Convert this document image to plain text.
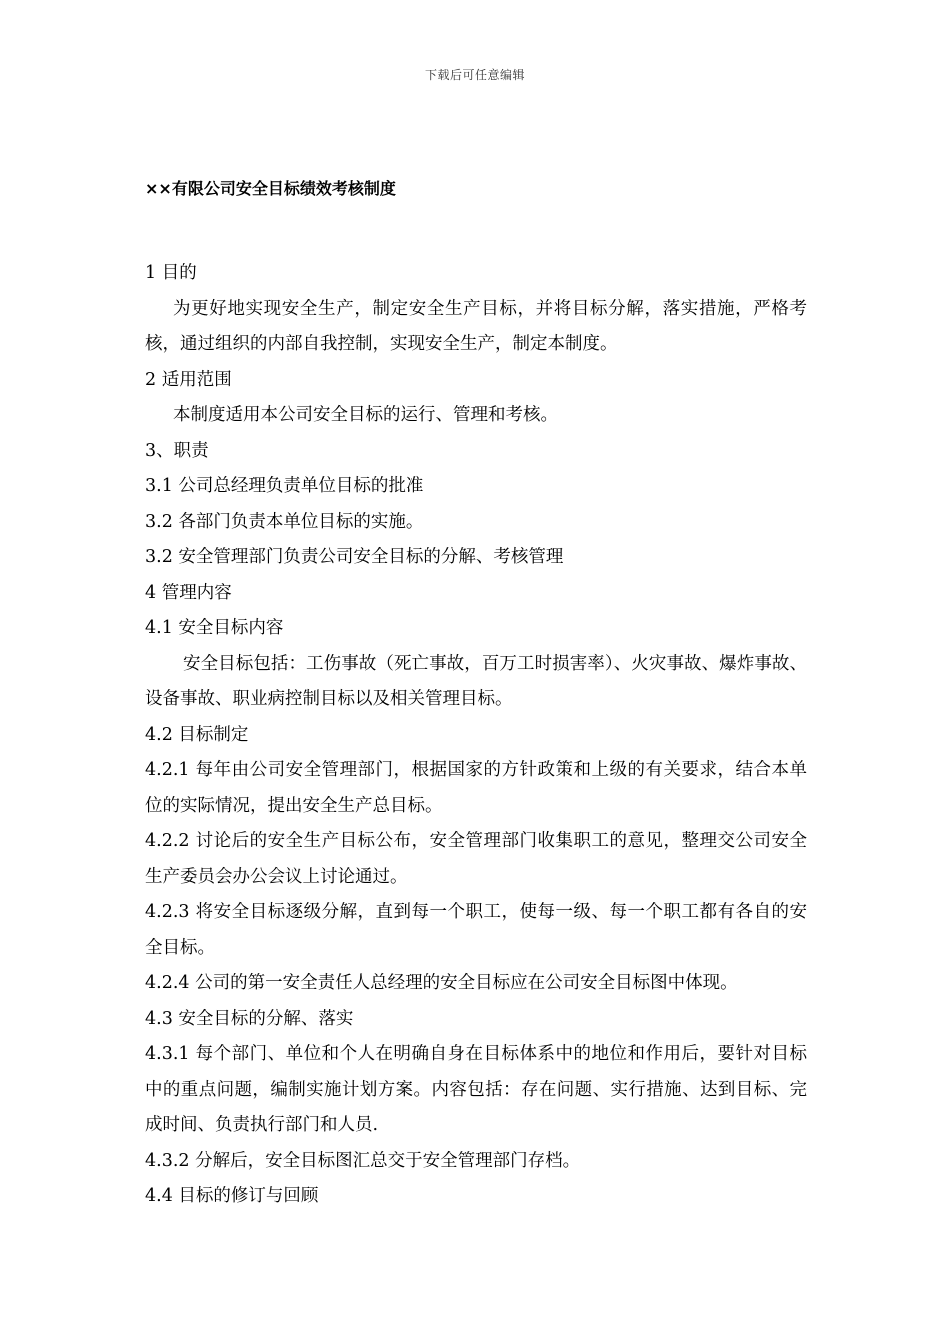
下载后可任意编辑
××有限公司安全目标绩效考核制度

1 目的

为更好地实现安全生产，制定安全生产目标，并将目标分解，落实措施，严格考核，通过组织的内部自我控制，实现安全生产，制定本制度。

2 适用范围

本制度适用本公司安全目标的运行、管理和考核。

3、职责

3.1 公司总经理负责单位目标的批准

3.2 各部门负责本单位目标的实施。

3.2 安全管理部门负责公司安全目标的分解、考核管理

4 管理内容

4.1 安全目标内容

安全目标包括：工伤事故（死亡事故，百万工时损害率）、火灾事故、爆炸事故、设备事故、职业病控制目标以及相关管理目标。

4.2 目标制定

4.2.1 每年由公司安全管理部门，根据国家的方针政策和上级的有关要求，结合本单位的实际情况，提出安全生产总目标。

4.2.2 讨论后的安全生产目标公布，安全管理部门收集职工的意见，整理交公司安全生产委员会办公会议上讨论通过。

4.2.3 将安全目标逐级分解，直到每一个职工，使每一级、每一个职工都有各自的安全目标。

4.2.4 公司的第一安全责任人总经理的安全目标应在公司安全目标图中体现。

4.3 安全目标的分解、落实

4.3.1 每个部门、单位和个人在明确自身在目标体系中的地位和作用后，要针对目标中的重点问题，编制实施计划方案。内容包括：存在问题、实行措施、达到目标、完成时间、负责执行部门和人员.

4.3.2 分解后，安全目标图汇总交于安全管理部门存档。

4.4 目标的修订与回顾
